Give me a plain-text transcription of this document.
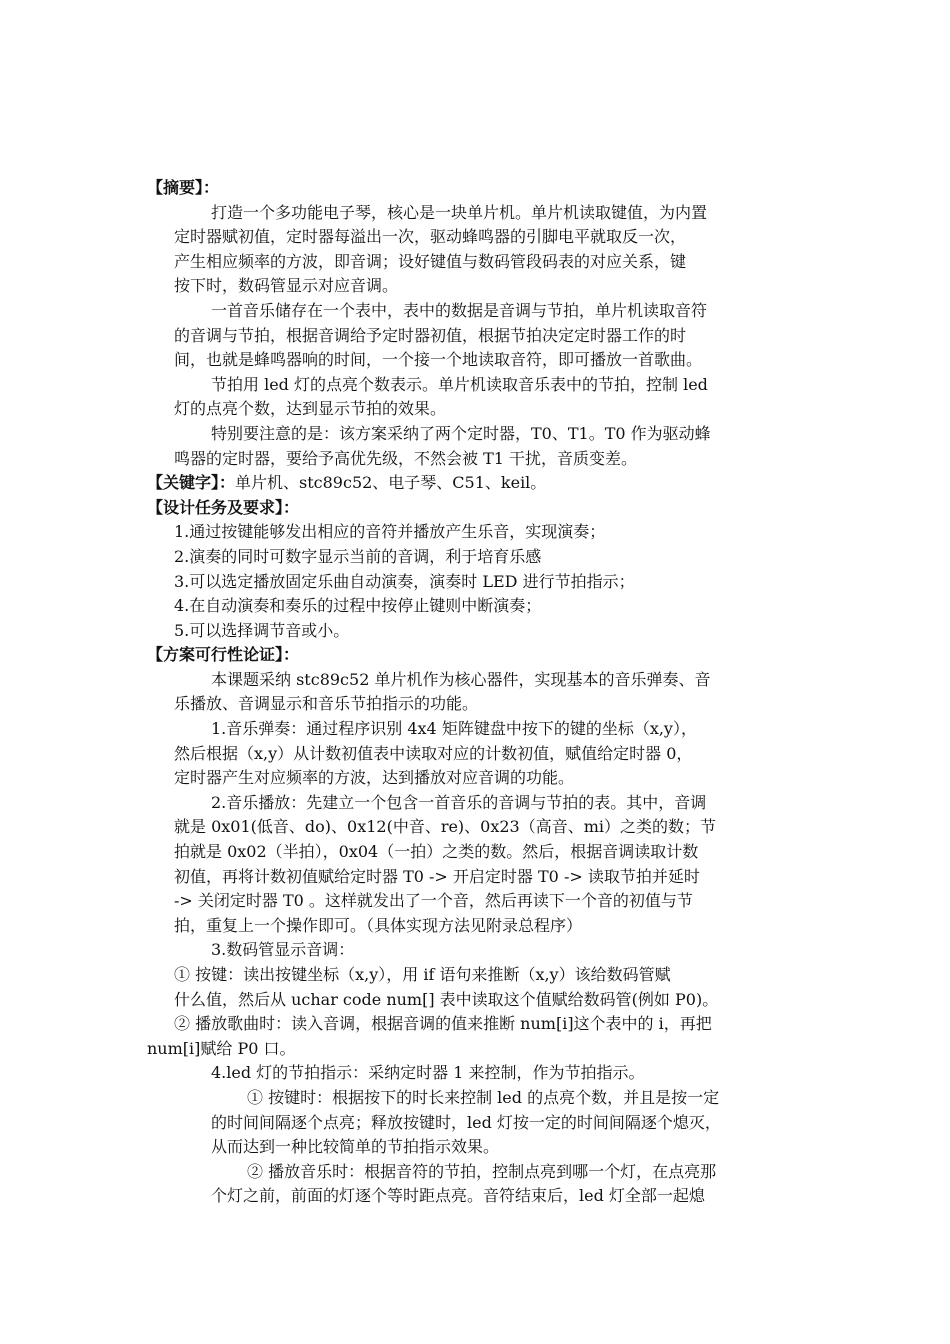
【摘要】：

打造一个多功能电子琴，核心是一块单片机。单片机读取键值，为内置

定时器赋初值，定时器每溢出一次，驱动蜂鸣器的引脚电平就取反一次，

产生相应频率的方波，即音调；设好键值与数码管段码表的对应关系，键

按下时，数码管显示对应音调。

一首音乐储存在一个表中，表中的数据是音调与节拍，单片机读取音符

的音调与节拍，根据音调给予定时器初值，根据节拍决定定时器工作的时

间，也就是蜂鸣器响的时间，一个接一个地读取音符，即可播放一首歌曲。

节拍用 led 灯的点亮个数表示。单片机读取音乐表中的节拍，控制 led

灯的点亮个数，达到显示节拍的效果。

特别要注意的是：该方案采纳了两个定时器，T0、T1。T0 作为驱动蜂

鸣器的定时器，要给予高优先级，不然会被 T1 干扰，音质变差。

【关键字】：单片机、stc89c52、电子琴、C51、keil。

【设计任务及要求】：

1.通过按键能够发出相应的音符并播放产生乐音，实现演奏；

2.演奏的同时可数字显示当前的音调，利于培育乐感

3.可以选定播放固定乐曲自动演奏，演奏时 LED 进行节拍指示；

4.在自动演奏和奏乐的过程中按停止键则中断演奏；

5.可以选择调节音或小。

【方案可行性论证】：

本课题采纳 stc89c52 单片机作为核心器件，实现基本的音乐弹奏、音

乐播放、音调显示和音乐节拍指示的功能。

1.音乐弹奏：通过程序识别 4x4 矩阵键盘中按下的键的坐标（x,y），

然后根据（x,y）从计数初值表中读取对应的计数初值，赋值给定时器 0，

定时器产生对应频率的方波，达到播放对应音调的功能。

2.音乐播放：先建立一个包含一首音乐的音调与节拍的表。其中，音调

就是 0x01(低音、do)、0x12(中音、re)、0x23（高音、mi）之类的数；节

拍就是 0x02（半拍），0x04（一拍）之类的数。然后，根据音调读取计数

初值，再将计数初值赋给定时器 T0 -> 开启定时器 T0 -> 读取节拍并延时

-> 关闭定时器 T0 。这样就发出了一个音，然后再读下一个音的初值与节

拍，重复上一个操作即可。（具体实现方法见附录总程序）

3.数码管显示音调：

① 按键：读出按键坐标（x,y），用 if 语句来推断（x,y）该给数码管赋

什么值，然后从 uchar code num[] 表中读取这个值赋给数码管(例如 P0)。

② 播放歌曲时：读入音调，根据音调的值来推断 num[i]这个表中的 i，再把

num[i]赋给 P0 口。

4.led 灯的节拍指示：采纳定时器 1 来控制，作为节拍指示。

① 按键时：根据按下的时长来控制 led 的点亮个数，并且是按一定

的时间间隔逐个点亮；释放按键时，led 灯按一定的时间间隔逐个熄灭，

从而达到一种比较简单的节拍指示效果。

② 播放音乐时：根据音符的节拍，控制点亮到哪一个灯，在点亮那

个灯之前，前面的灯逐个等时距点亮。音符结束后，led 灯全部一起熄
